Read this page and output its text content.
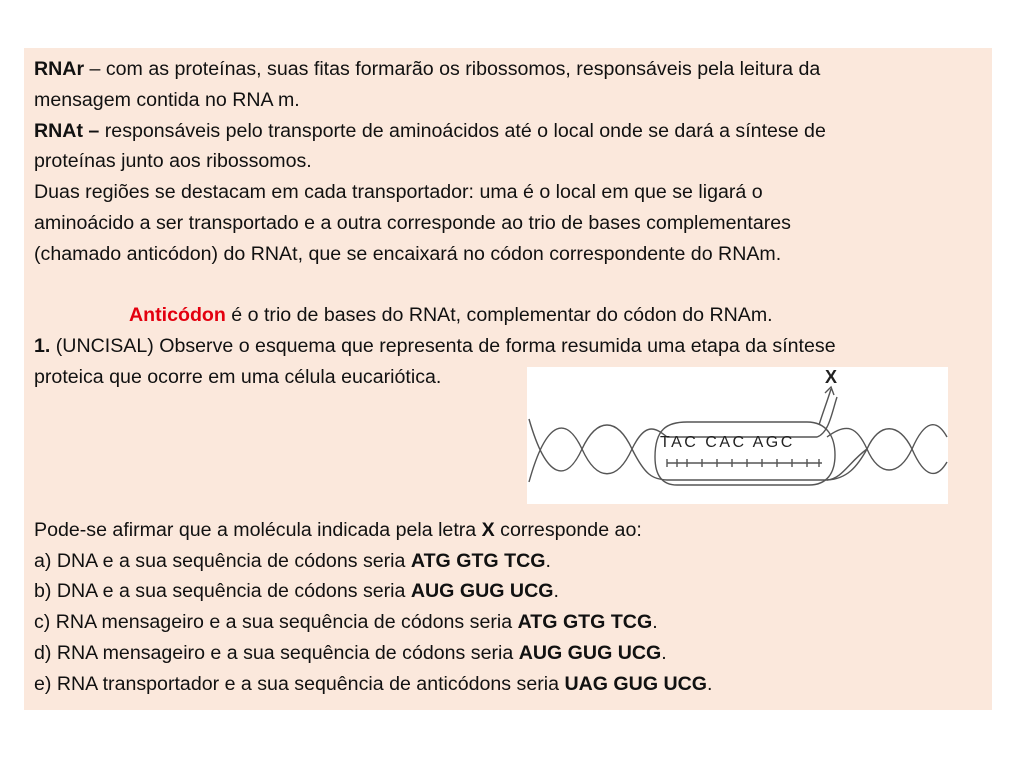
RNAr – com as proteínas, suas fitas formarão os ribossomos, responsáveis pela leitura da
mensagem contida no RNA m.
RNAt – responsáveis pelo transporte de aminoácidos até o local onde se dará a síntese de
proteínas junto aos ribossomos.
Duas regiões se destacam em cada transportador: uma é o local em que se ligará o
aminoácido a ser transportado e a outra corresponde ao trio de bases complementares
(chamado anticódon) do RNAt, que se encaixará no códon correspondente do RNAm.
Anticódon é o trio de bases do RNAt, complementar do códon do RNAm.
1. (UNCISAL) Observe o esquema que representa de forma resumida uma etapa da síntese
proteica que ocorre em uma célula eucariótica.
Pode-se afirmar que a molécula indicada pela letra X corresponde ao:
a) DNA e a sua sequência de códons seria ATG GTG TCG.
b) DNA e a sua sequência de códons seria AUG GUG UCG.
c) RNA mensageiro e a sua sequência de códons seria ATG GTG TCG.
d) RNA mensageiro e a sua sequência de códons seria AUG GUG UCG.
e) RNA transportador e a sua sequência de anticódons seria UAG GUG UCG.
X
TAC CAC AGC
